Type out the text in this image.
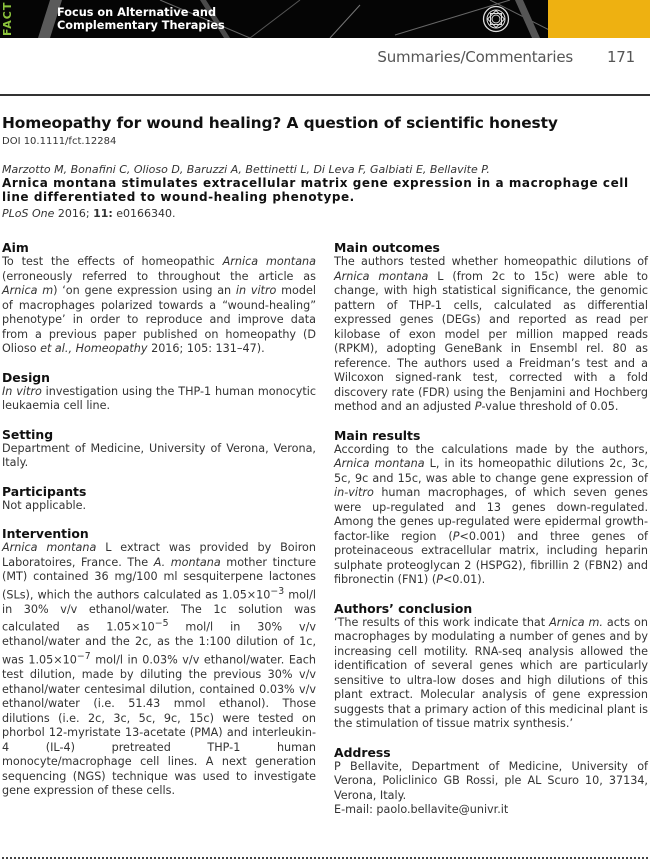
FACT	Focus on Alternative and
Complementary Therapies
Summaries/Commentaries 171
Homeopathy for wound healing? A question of scientific honesty
DOI 10.1111/fct.12284
Marzotto M, Bonafini C, Olioso D, Baruzzi A, Bettinetti L, Di Leva F, Galbiati E, Bellavite P.
Arnica montana stimulates extracellular matrix gene expression in a macrophage cell line differentiated to wound-healing phenotype.
PLoS One 2016; 11: e0166340.
Aim

To test the effects of homeopathic Arnica montana (erroneously referred to throughout the article as Arnica m) ‘on gene expression using an in vitro model of macrophages polarized towards a “wound-healing” phenotype’ in order to reproduce and improve data from a previous paper published on homeopathy (D Olioso et al., Homeopathy 2016; 105: 131–47).

Design

In vitro investigation using the THP-1 human monocytic leukaemia cell line.

Setting

Department of Medicine, University of Verona, Verona, Italy.

Participants

Not applicable.

Intervention

Arnica montana L extract was provided by Boiron Laboratoires, France. The A. montana mother tincture (MT) contained 36 mg/100 ml sesquiterpene lactones (SLs), which the authors calculated as $1.05\times 10^{-3}$ mol/l in 30% v/v ethanol/water. The 1c solution was calculated as $1.05\times 10^{-5}$ mol/l in 30% v/v ethanol/water and the 2c, as the 1:100 dilution of 1c, was $1.05\times 10^{-7}$ mol/l in 0.03% v/v ethanol/water. Each test dilution, made by diluting the previous 30% v/v ethanol/water centesimal dilution, contained 0.03% v/v ethanol/water (i.e. 51.43 mmol ethanol). Those dilutions (i.e. 2c, 3c, 5c, 9c, 15c) were tested on phorbol 12-myristate 13-acetate (PMA) and interleukin-4 (IL-4) pretreated THP-1 human monocyte/macrophage cell lines. A next generation sequencing (NGS) technique was used to investigate gene expression of these cells.

Main outcomes

The authors tested whether homeopathic dilutions of Arnica montana L (from 2c to 15c) were able to change, with high statistical significance, the genomic pattern of THP-1 cells, calculated as differential expressed genes (DEGs) and reported as read per kilobase of exon model per million mapped reads (RPKM), adopting GeneBank in Ensembl rel. 80 as reference. The authors used a Freidman’s test and a Wilcoxon signed-rank test, corrected with a fold discovery rate (FDR) using the Benjamini and Hochberg method and an adjusted P-value threshold of 0.05.

Main results

According to the calculations made by the authors, Arnica montana L, in its homeopathic dilutions 2c, 3c, 5c, 9c and 15c, was able to change gene expression of in-vitro human macrophages, of which seven genes were up-regulated and 13 genes down-regulated. Among the genes up-regulated were epidermal growth-factor-like region (P<0.001) and three genes of proteinaceous extracellular matrix, including heparin sulphate proteoglycan 2 (HSPG2), fibrillin 2 (FBN2) and fibronectin (FN1) (P<0.01).

Authors’ conclusion

‘The results of this work indicate that Arnica m. acts on macrophages by modulating a number of genes and by increasing cell motility. RNA-seq analysis allowed the identification of several genes which are particularly sensitive to ultra-low doses and high dilutions of this plant extract. Molecular analysis of gene expression suggests that a primary action of this medicinal plant is the stimulation of tissue matrix synthesis.’

Address

P Bellavite, Department of Medicine, University of Verona, Policlinico GB Rossi, ple AL Scuro 10, 37134, Verona, Italy.
E-mail: paolo.bellavite@univr.it
